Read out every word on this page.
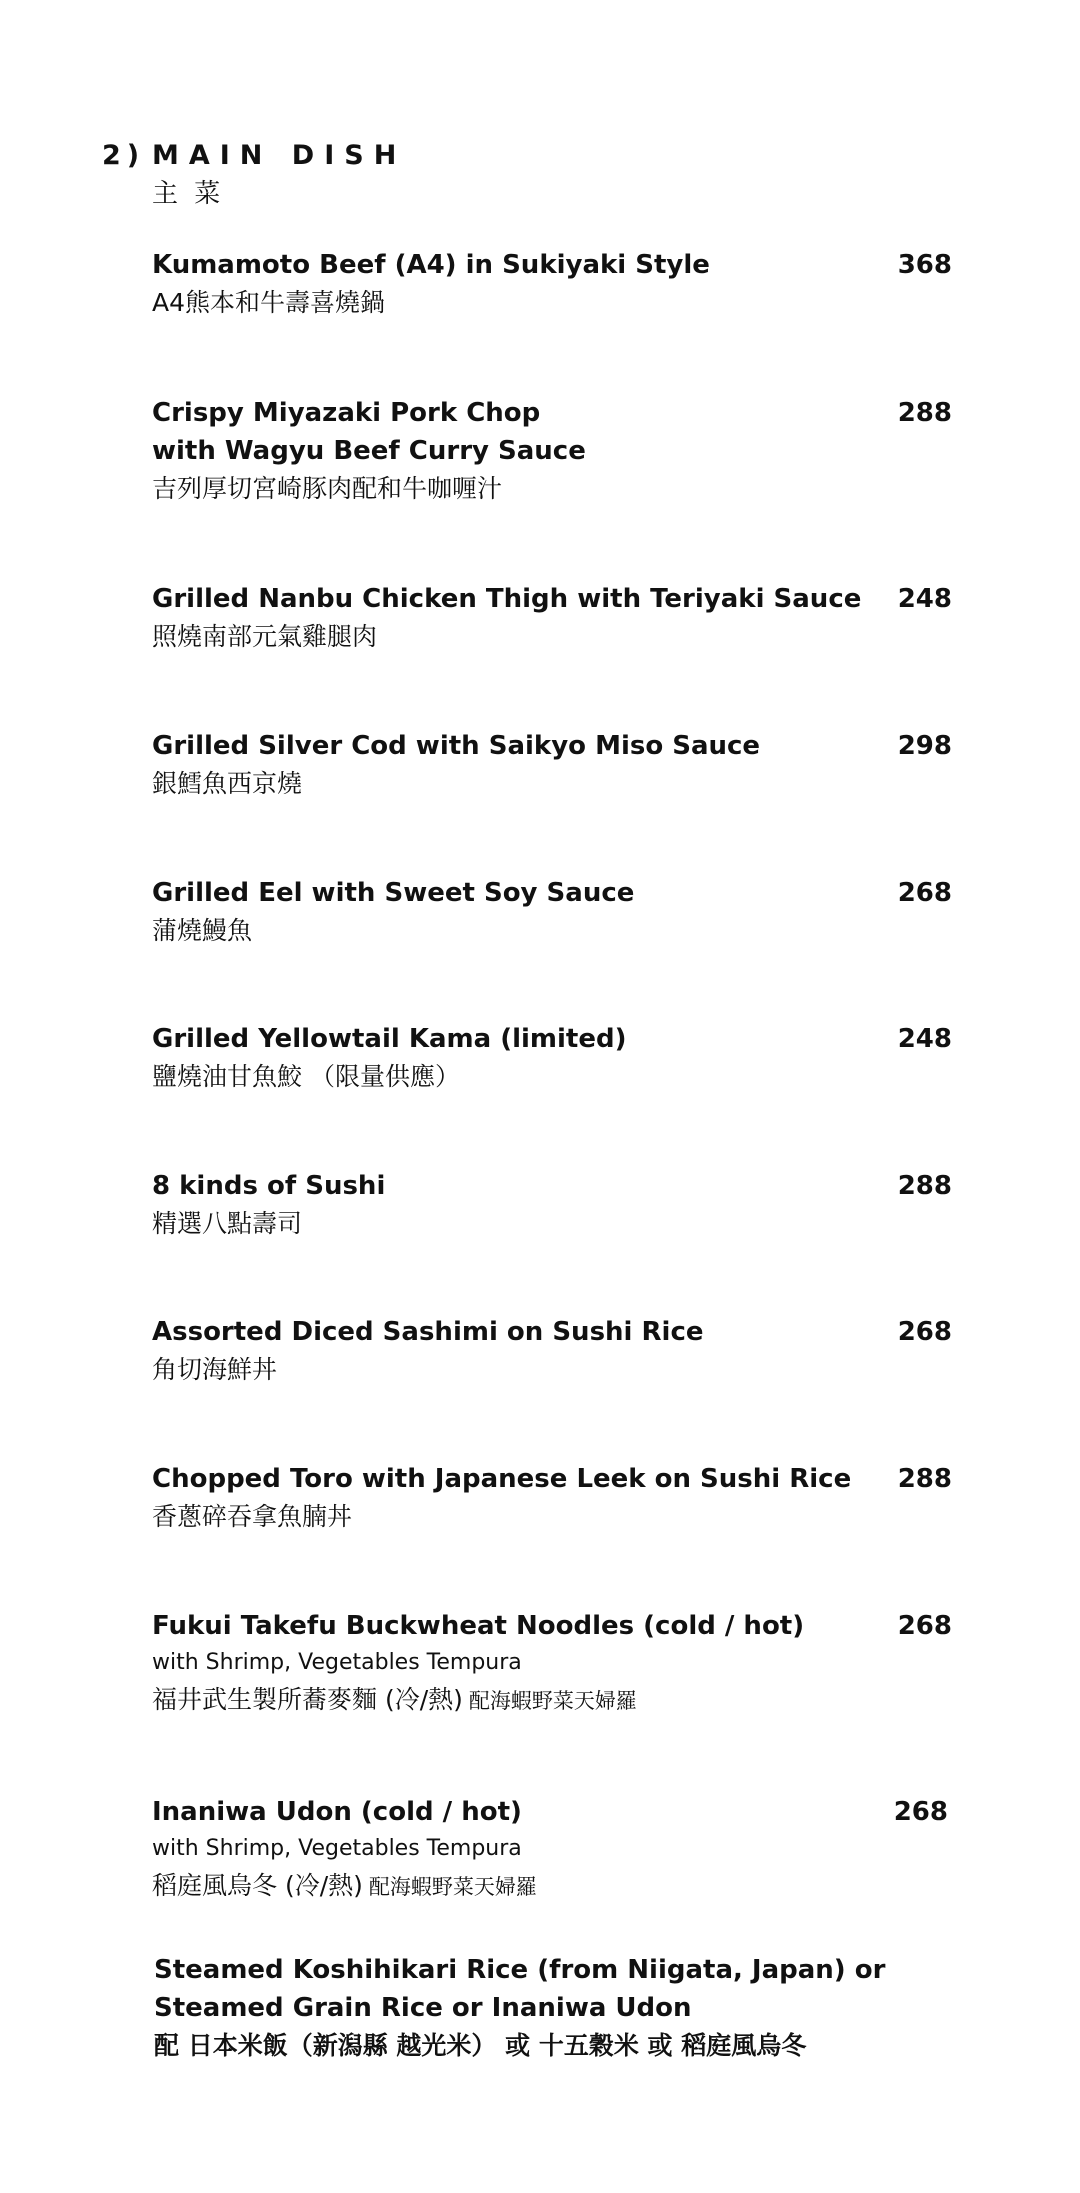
2) MAIN DISH
主 菜
Kumamoto Beef (A4) in Sukiyaki Style
A4熊本和牛壽喜燒鍋
368
Crispy Miyazaki Pork Chop
with Wagyu Beef Curry Sauce
吉列厚切宮崎豚肉配和牛咖喱汁
288
Grilled Nanbu Chicken Thigh with Teriyaki Sauce
照燒南部元氣雞腿肉
248
Grilled Silver Cod with Saikyo Miso Sauce
銀鱈魚西京燒
298
Grilled Eel with Sweet Soy Sauce
蒲燒鰻魚
268
Grilled Yellowtail Kama (limited)
鹽燒油甘魚鮫 （限量供應）
248
8 kinds of Sushi
精選八點壽司
288
Assorted Diced Sashimi on Sushi Rice
角切海鮮丼
268
Chopped Toro with Japanese Leek on Sushi Rice
香蔥碎吞拿魚腩丼
288
Fukui Takefu Buckwheat Noodles (cold / hot)
with Shrimp, Vegetables Tempura
福井武生製所蕎麥麵 (冷/熱) 配海蝦野菜天婦羅
268
Inaniwa Udon (cold / hot)
with Shrimp, Vegetables Tempura
稻庭風烏冬 (冷/熱) 配海蝦野菜天婦羅
268
Steamed Koshihikari Rice (from Niigata, Japan) or
Steamed Grain Rice or Inaniwa Udon
配 日本米飯（新潟縣 越光米） 或 十五穀米 或 稻庭風烏冬
